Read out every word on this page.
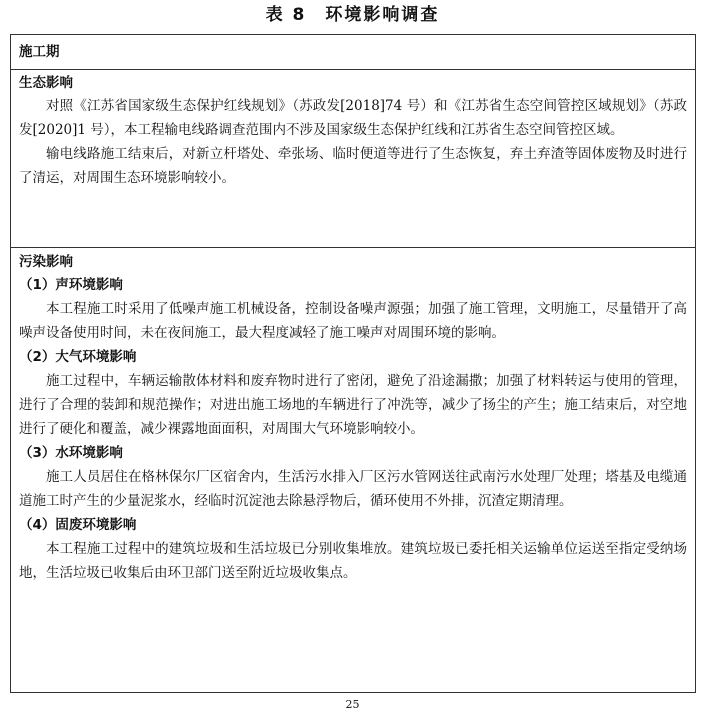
表 8　环境影响调查
施工期
生态影响

对照《江苏省国家级生态保护红线规划》（苏政发[2018]74 号）和《江苏省生态空间管控区域规划》（苏政发[2020]1 号），本工程输电线路调查范围内不涉及国家级生态保护红线和江苏省生态空间管控区域。

输电线路施工结束后，对新立杆塔处、牵张场、临时便道等进行了生态恢复，弃土弃渣等固体废物及时进行了清运，对周围生态环境影响较小。

污染影响
（1）声环境影响

本工程施工时采用了低噪声施工机械设备，控制设备噪声源强；加强了施工管理，文明施工，尽量错开了高噪声设备使用时间，未在夜间施工，最大程度减轻了施工噪声对周围环境的影响。

（2）大气环境影响

施工过程中，车辆运输散体材料和废弃物时进行了密闭，避免了沿途漏撒；加强了材料转运与使用的管理，进行了合理的装卸和规范操作；对进出施工场地的车辆进行了冲洗等，减少了扬尘的产生；施工结束后，对空地进行了硬化和覆盖，减少裸露地面面积，对周围大气环境影响较小。

（3）水环境影响

施工人员居住在格林保尔厂区宿舍内，生活污水排入厂区污水管网送往武南污水处理厂处理；塔基及电缆通道施工时产生的少量泥浆水，经临时沉淀池去除悬浮物后，循环使用不外排，沉渣定期清理。

（4）固废环境影响

本工程施工过程中的建筑垃圾和生活垃圾已分别收集堆放。建筑垃圾已委托相关运输单位运送至指定受纳场地，生活垃圾已收集后由环卫部门送至附近垃圾收集点。

25
